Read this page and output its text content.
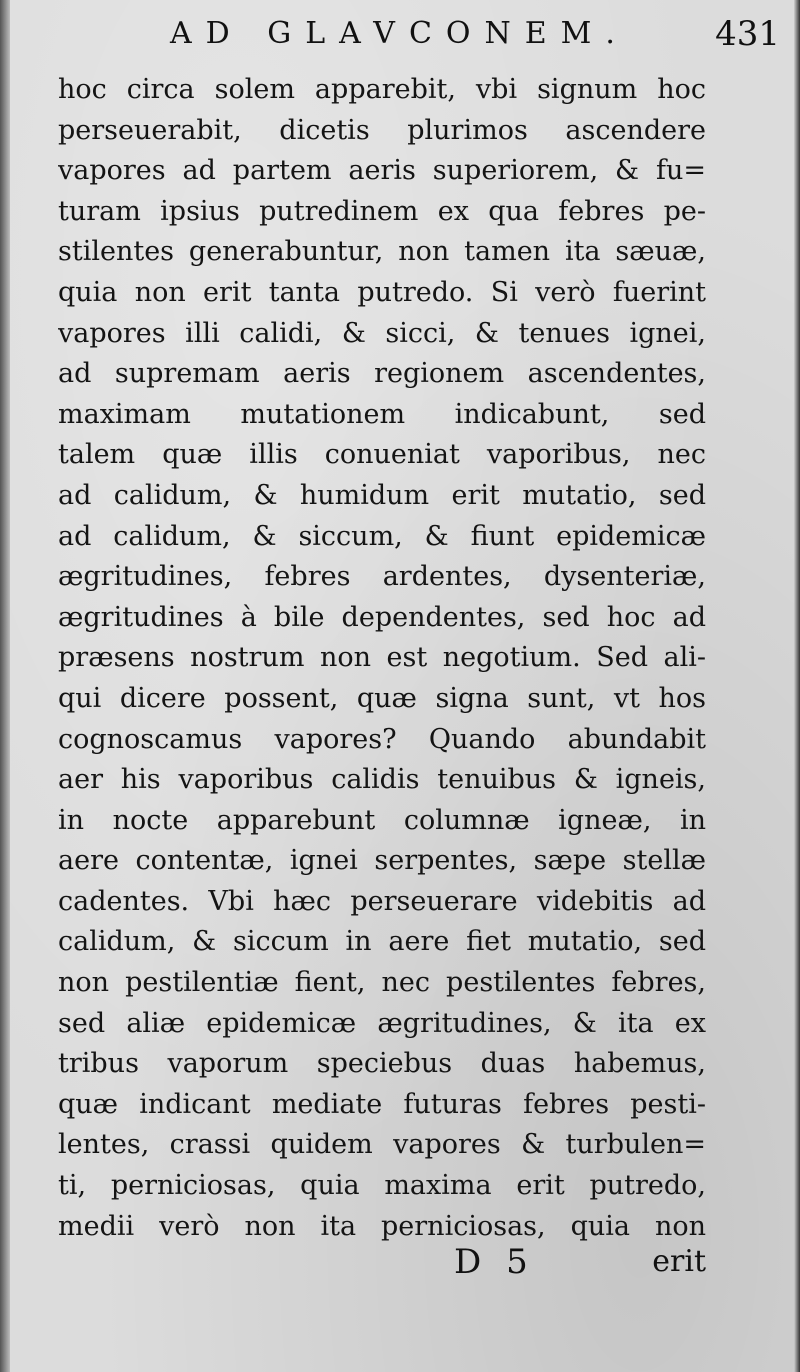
AD GLAVCONEM.	431
hoc circa solem apparebit, vbi signum hoc
perseuerabit, dicetis plurimos ascendere
vapores ad partem aeris superiorem, & fu=
turam ipsius putredinem ex qua febres pe-
stilentes generabuntur, non tamen ita sæuæ,
quia non erit tanta putredo. Si verò fuerint
vapores illi calidi, & sicci, & tenues ignei,
ad supremam aeris regionem ascendentes,
maximam mutationem indicabunt, sed
talem quæ illis conueniat vaporibus, nec
ad calidum, & humidum erit mutatio, sed
ad calidum, & siccum, & fiunt epidemicæ
ægritudines, febres ardentes, dysenteriæ,
ægritudines à bile dependentes, sed hoc ad
præsens nostrum non est negotium. Sed ali-
qui dicere possent, quæ signa sunt, vt hos
cognoscamus vapores? Quando abundabit
aer his vaporibus calidis tenuibus & igneis,
in nocte apparebunt columnæ igneæ, in
aere contentæ, ignei serpentes, sæpe stellæ
cadentes. Vbi hæc perseuerare videbitis ad
calidum, & siccum in aere fiet mutatio, sed
non pestilentiæ fient, nec pestilentes febres,
sed aliæ epidemicæ ægritudines, & ita ex
tribus vaporum speciebus duas habemus,
quæ indicant mediate futuras febres pesti-
lentes, crassi quidem vapores & turbulen=
ti, perniciosas, quia maxima erit putredo,
medii verò non ita perniciosas, quia non
D 5	erit
